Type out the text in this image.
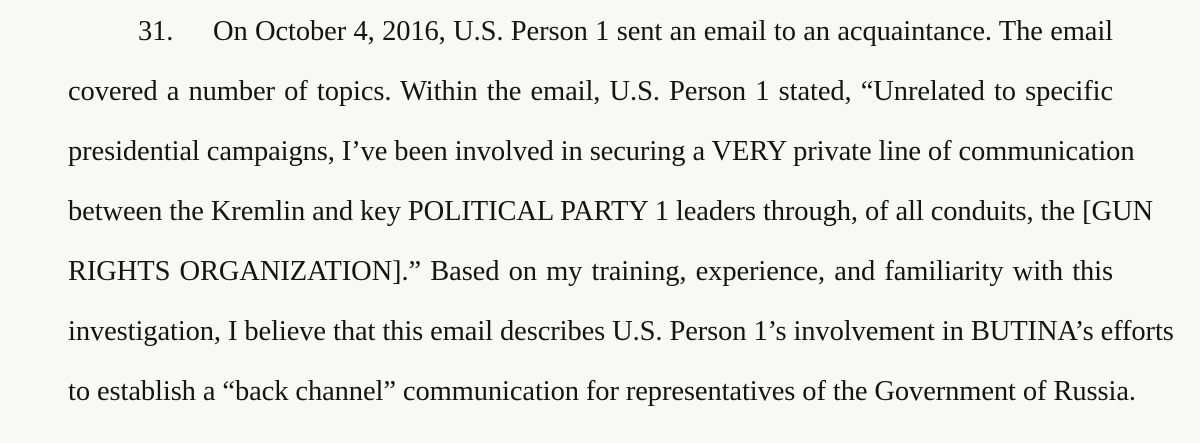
31. On October 4, 2016, U.S. Person 1 sent an email to an acquaintance. The email
covered a number of topics. Within the email, U.S. Person 1 stated, “Unrelated to specific
presidential campaigns, I’ve been involved in securing a VERY private line of communication
between the Kremlin and key POLITICAL PARTY 1 leaders through, of all conduits, the [GUN
RIGHTS ORGANIZATION].” Based on my training, experience, and familiarity with this
investigation, I believe that this email describes U.S. Person 1’s involvement in BUTINA’s efforts
to establish a “back channel” communication for representatives of the Government of Russia.
